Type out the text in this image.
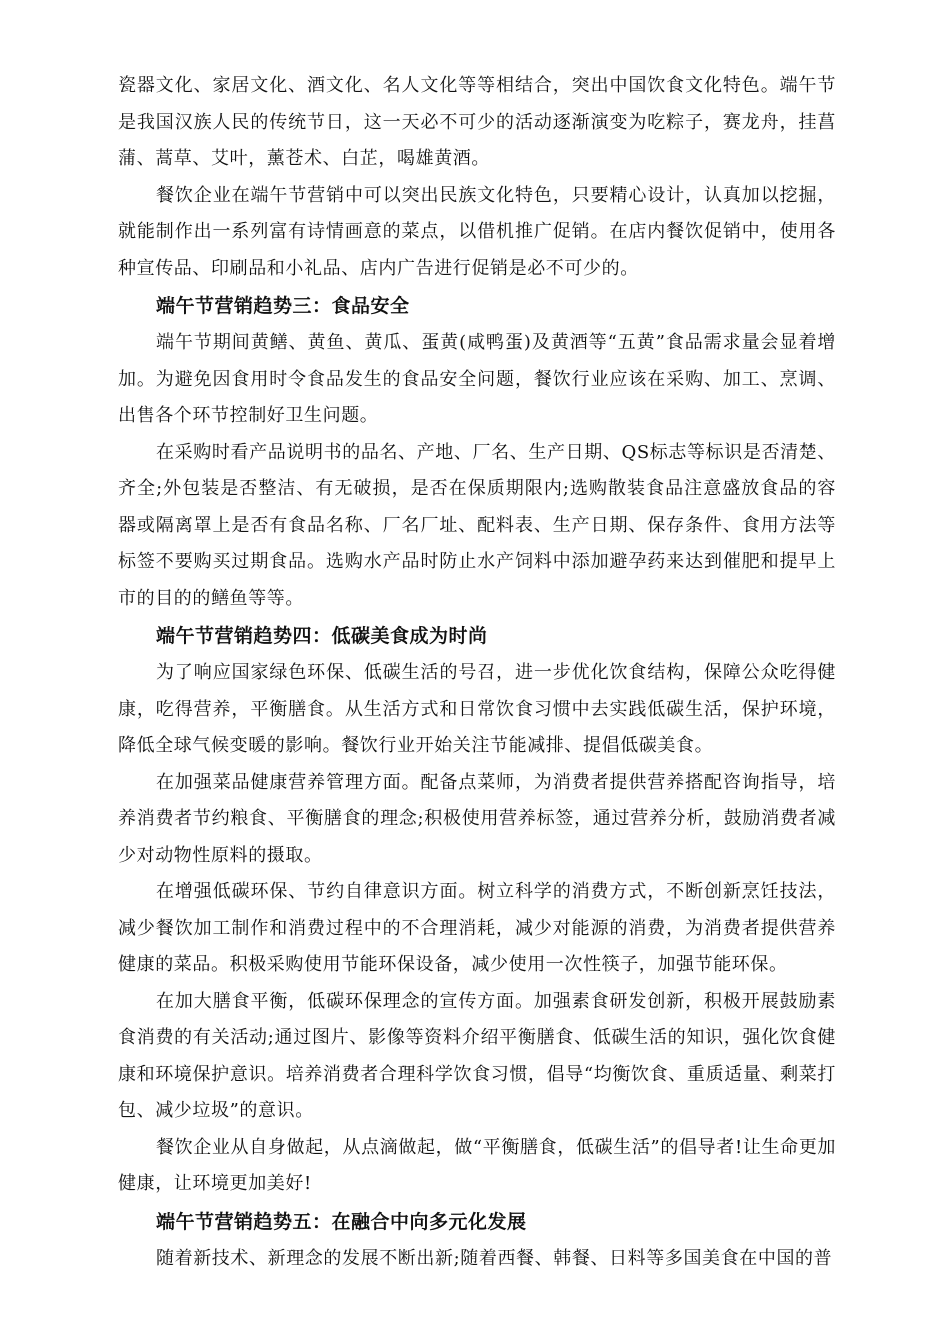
瓷器文化、家居文化、酒文化、名人文化等等相结合，突出中国饮食文化特色。端午节是我国汉族人民的传统节日，这一天必不可少的活动逐渐演变为吃粽子，赛龙舟，挂菖蒲、蒿草、艾叶，薰苍术、白芷，喝雄黄酒。

餐饮企业在端午节营销中可以突出民族文化特色，只要精心设计，认真加以挖掘，就能制作出一系列富有诗情画意的菜点，以借机推广促销。在店内餐饮促销中，使用各种宣传品、印刷品和小礼品、店内广告进行促销是必不可少的。

端午节营销趋势三：食品安全

端午节期间黄鳝、黄鱼、黄瓜、蛋黄(咸鸭蛋)及黄酒等“五黄”食品需求量会显着增加。为避免因食用时令食品发生的食品安全问题，餐饮行业应该在采购、加工、烹调、出售各个环节控制好卫生问题。

在采购时看产品说明书的品名、产地、厂名、生产日期、QS标志等标识是否清楚、齐全;外包装是否整洁、有无破损，是否在保质期限内;选购散装食品注意盛放食品的容器或隔离罩上是否有食品名称、厂名厂址、配料表、生产日期、保存条件、食用方法等标签不要购买过期食品。选购水产品时防止水产饲料中添加避孕药来达到催肥和提早上市的目的的鳝鱼等等。

端午节营销趋势四：低碳美食成为时尚

为了响应国家绿色环保、低碳生活的号召，进一步优化饮食结构，保障公众吃得健康，吃得营养，平衡膳食。从生活方式和日常饮食习惯中去实践低碳生活，保护环境，降低全球气候变暖的影响。餐饮行业开始关注节能减排、提倡低碳美食。

在加强菜品健康营养管理方面。配备点菜师，为消费者提供营养搭配咨询指导，培养消费者节约粮食、平衡膳食的理念;积极使用营养标签，通过营养分析，鼓励消费者减少对动物性原料的摄取。

在增强低碳环保、节约自律意识方面。树立科学的消费方式，不断创新烹饪技法，减少餐饮加工制作和消费过程中的不合理消耗，减少对能源的消费，为消费者提供营养健康的菜品。积极采购使用节能环保设备，减少使用一次性筷子，加强节能环保。

在加大膳食平衡，低碳环保理念的宣传方面。加强素食研发创新，积极开展鼓励素食消费的有关活动;通过图片、影像等资料介绍平衡膳食、低碳生活的知识，强化饮食健康和环境保护意识。培养消费者合理科学饮食习惯，倡导“均衡饮食、重质适量、剩菜打包、减少垃圾”的意识。

餐饮企业从自身做起，从点滴做起，做“平衡膳食，低碳生活”的倡导者!让生命更加健康，让环境更加美好!

端午节营销趋势五：在融合中向多元化发展

随着新技术、新理念的发展不断出新;随着西餐、韩餐、日料等多国美食在中国的普
